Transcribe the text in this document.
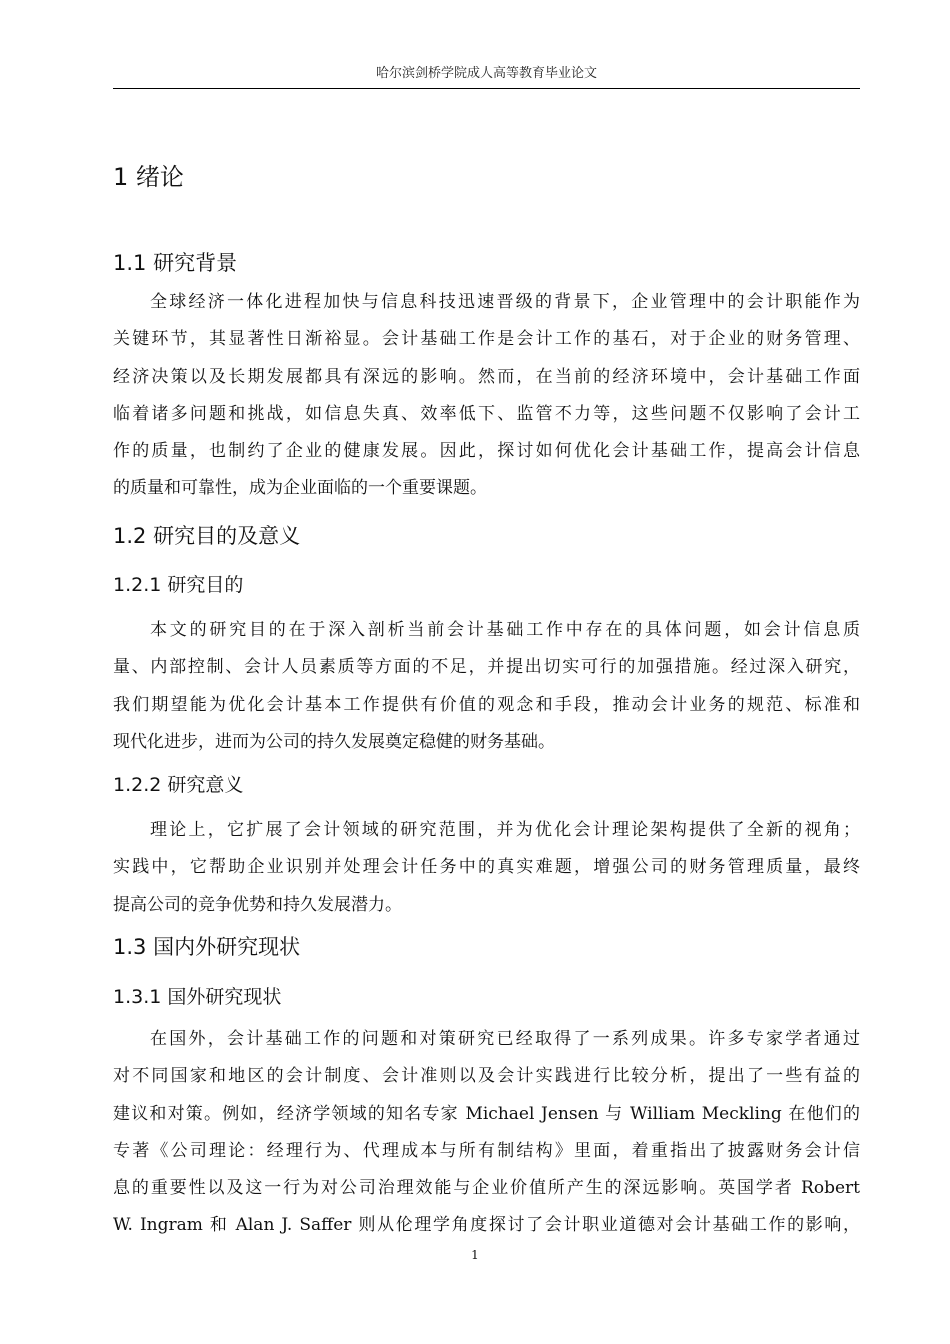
哈尔滨剑桥学院成人高等教育毕业论文
1 绪论
1.1 研究背景
全球经济一体化进程加快与信息科技迅速晋级的背景下，企业管理中的会计职能作为
关键环节，其显著性日渐裕显。会计基础工作是会计工作的基石，对于企业的财务管理、
经济决策以及长期发展都具有深远的影响。然而，在当前的经济环境中，会计基础工作面
临着诸多问题和挑战，如信息失真、效率低下、监管不力等，这些问题不仅影响了会计工
作的质量，也制约了企业的健康发展。因此，探讨如何优化会计基础工作，提高会计信息
的质量和可靠性，成为企业面临的一个重要课题。
1.2 研究目的及意义
1.2.1 研究目的
本文的研究目的在于深入剖析当前会计基础工作中存在的具体问题，如会计信息质
量、内部控制、会计人员素质等方面的不足，并提出切实可行的加强措施。经过深入研究，
我们期望能为优化会计基本工作提供有价值的观念和手段，推动会计业务的规范、标准和
现代化进步，进而为公司的持久发展奠定稳健的财务基础。
1.2.2 研究意义
理论上，它扩展了会计领域的研究范围，并为优化会计理论架构提供了全新的视角；
实践中，它帮助企业识别并处理会计任务中的真实难题，增强公司的财务管理质量，最终
提高公司的竞争优势和持久发展潜力。
1.3 国内外研究现状
1.3.1 国外研究现状
在国外，会计基础工作的问题和对策研究已经取得了一系列成果。许多专家学者通过
对不同国家和地区的会计制度、会计准则以及会计实践进行比较分析，提出了一些有益的
建议和对策。例如，经济学领域的知名专家 Michael Jensen 与 William Meckling 在他们的
专著《公司理论：经理行为、代理成本与所有制结构》里面，着重指出了披露财务会计信
息的重要性以及这一行为对公司治理效能与企业价值所产生的深远影响。英国学者 Robert
W. Ingram 和 Alan J. Saffer 则从伦理学角度探讨了会计职业道德对会计基础工作的影响，
1
